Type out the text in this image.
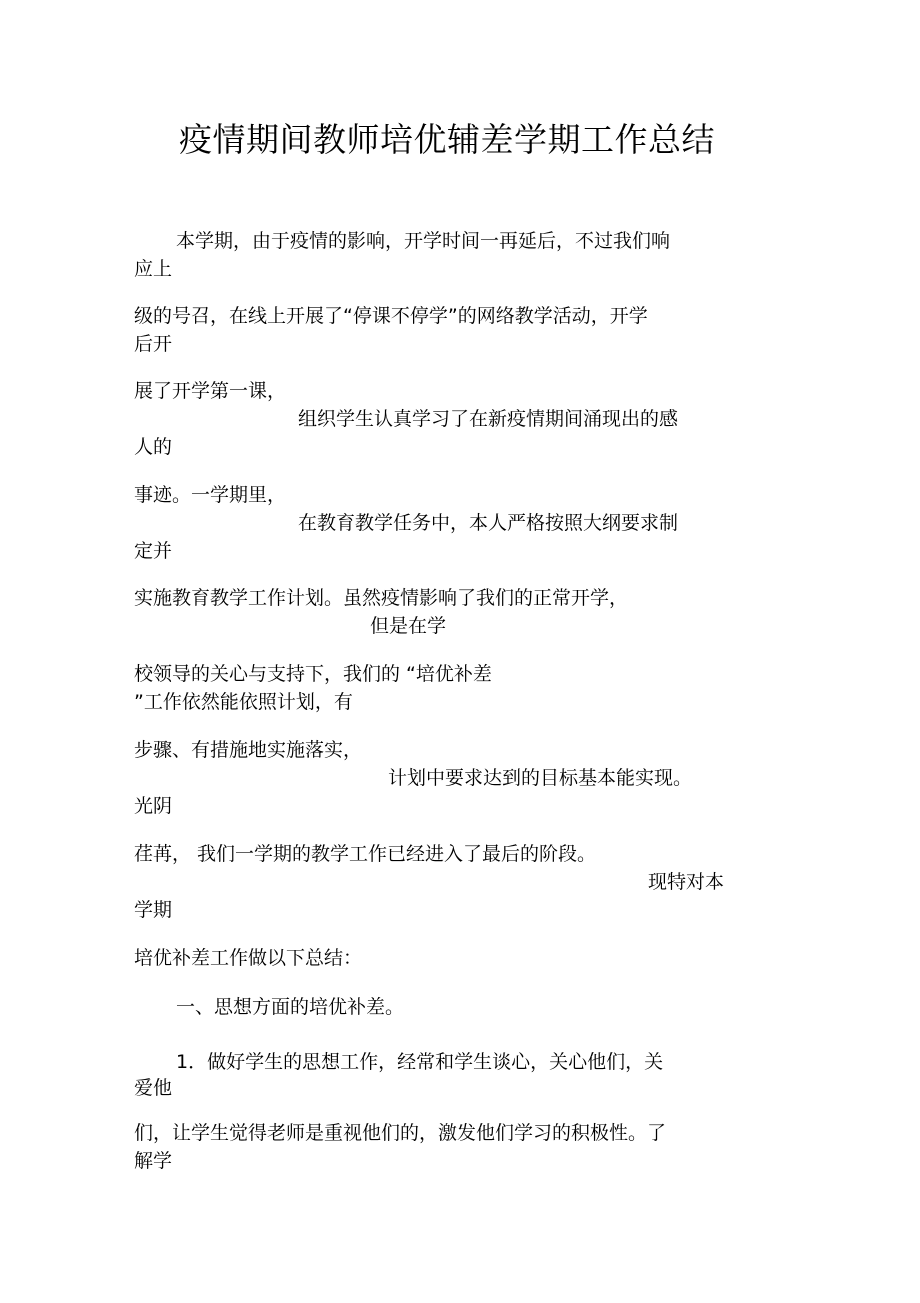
疫情期间教师培优辅差学期工作总结
本学期，由于疫情的影响，开学时间一再延后，不过我们响
应上
级的号召，在线上开展了“停课不停学”的网络教学活动，开学
后开
展了开学第一课，
组织学生认真学习了在新疫情期间涌现出的感
人的
事迹。一学期里，
在教育教学任务中，本人严格按照大纲要求制
定并
实施教育教学工作计划。虽然疫情影响了我们的正常开学，
但是在学
校领导的关心与支持下，我们的 “培优补差
”工作依然能依照计划，有
步骤、有措施地实施落实，
计划中要求达到的目标基本能实现。
光阴
荏苒， 我们一学期的教学工作已经进入了最后的阶段。
现特对本
学期
培优补差工作做以下总结：
一、思想方面的培优补差。
1．做好学生的思想工作，经常和学生谈心，关心他们，关
爱他
们，让学生觉得老师是重视他们的，激发他们学习的积极性。了
解学
